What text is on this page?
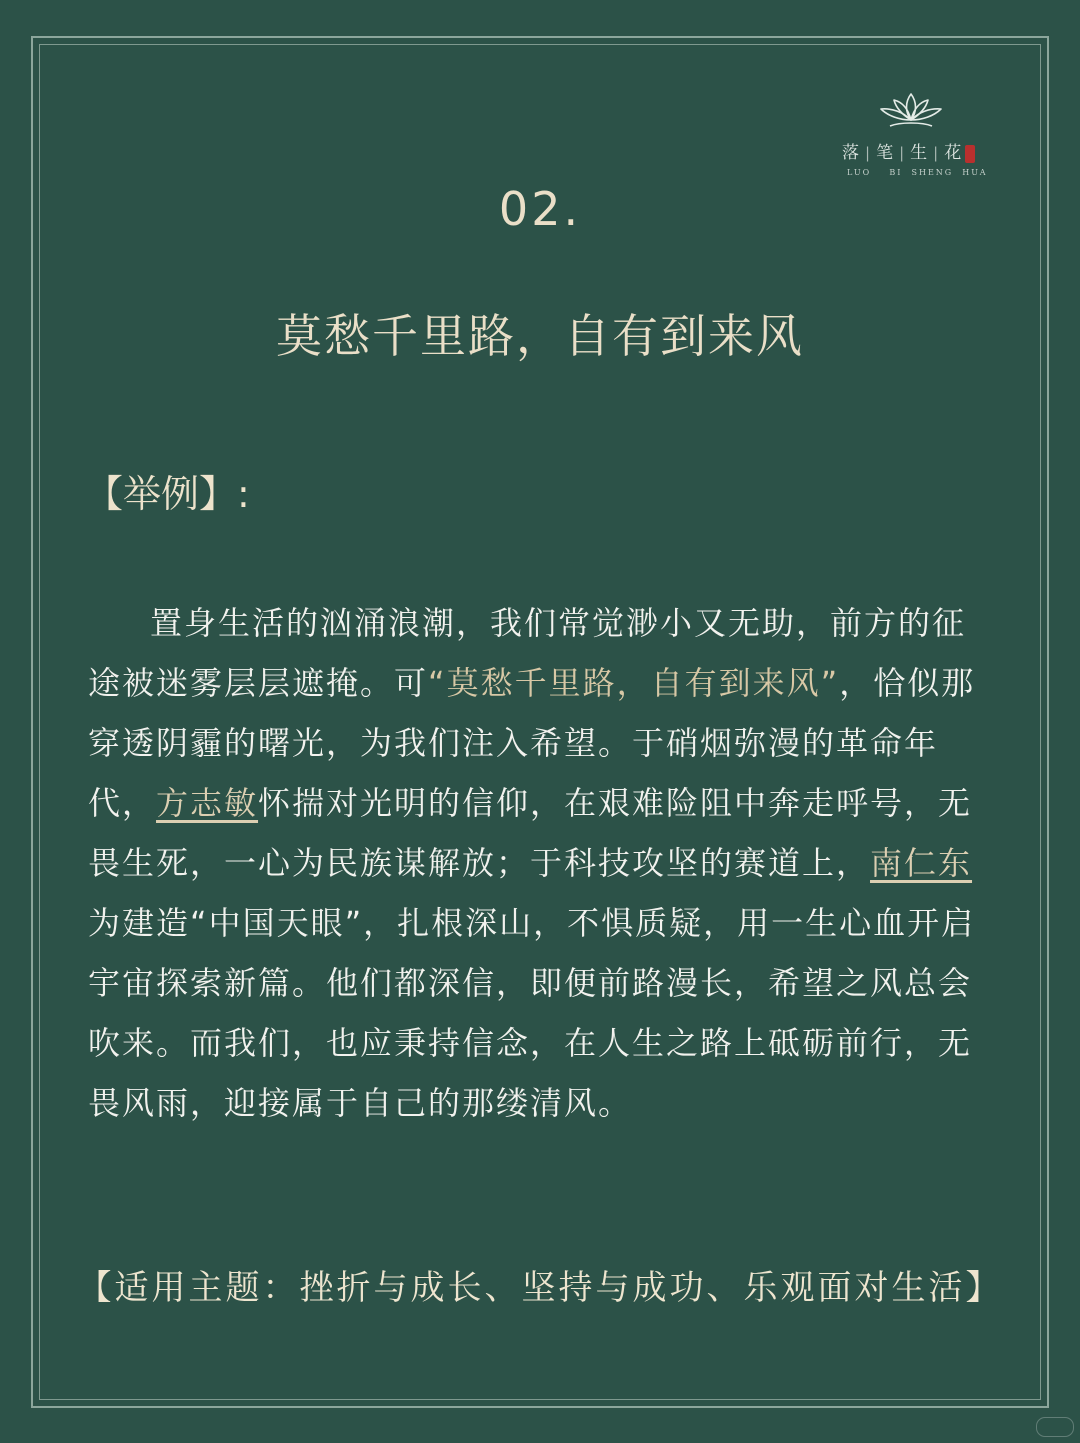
落 | 笔 | 生 | 花
LUO BI SHENG HUA
02.
莫愁千里路，自有到来风
【举例】:

置身生活的汹涌浪潮，我们常觉渺小又无助，前方的征途被迷雾层层遮掩。可“莫愁千里路，自有到来风”，恰似那穿透阴霾的曙光，为我们注入希望。于硝烟弥漫的革命年代，方志敏怀揣对光明的信仰，在艰难险阻中奔走呼号，无畏生死，一心为民族谋解放；于科技攻坚的赛道上，南仁东为建造“中国天眼”，扎根深山，不惧质疑，用一生心血开启宇宙探索新篇。他们都深信，即便前路漫长，希望之风总会吹来。而我们，也应秉持信念，在人生之路上砥砺前行，无畏风雨，迎接属于自己的那缕清风。

【适用主题：挫折与成长、坚持与成功、乐观面对生活】
